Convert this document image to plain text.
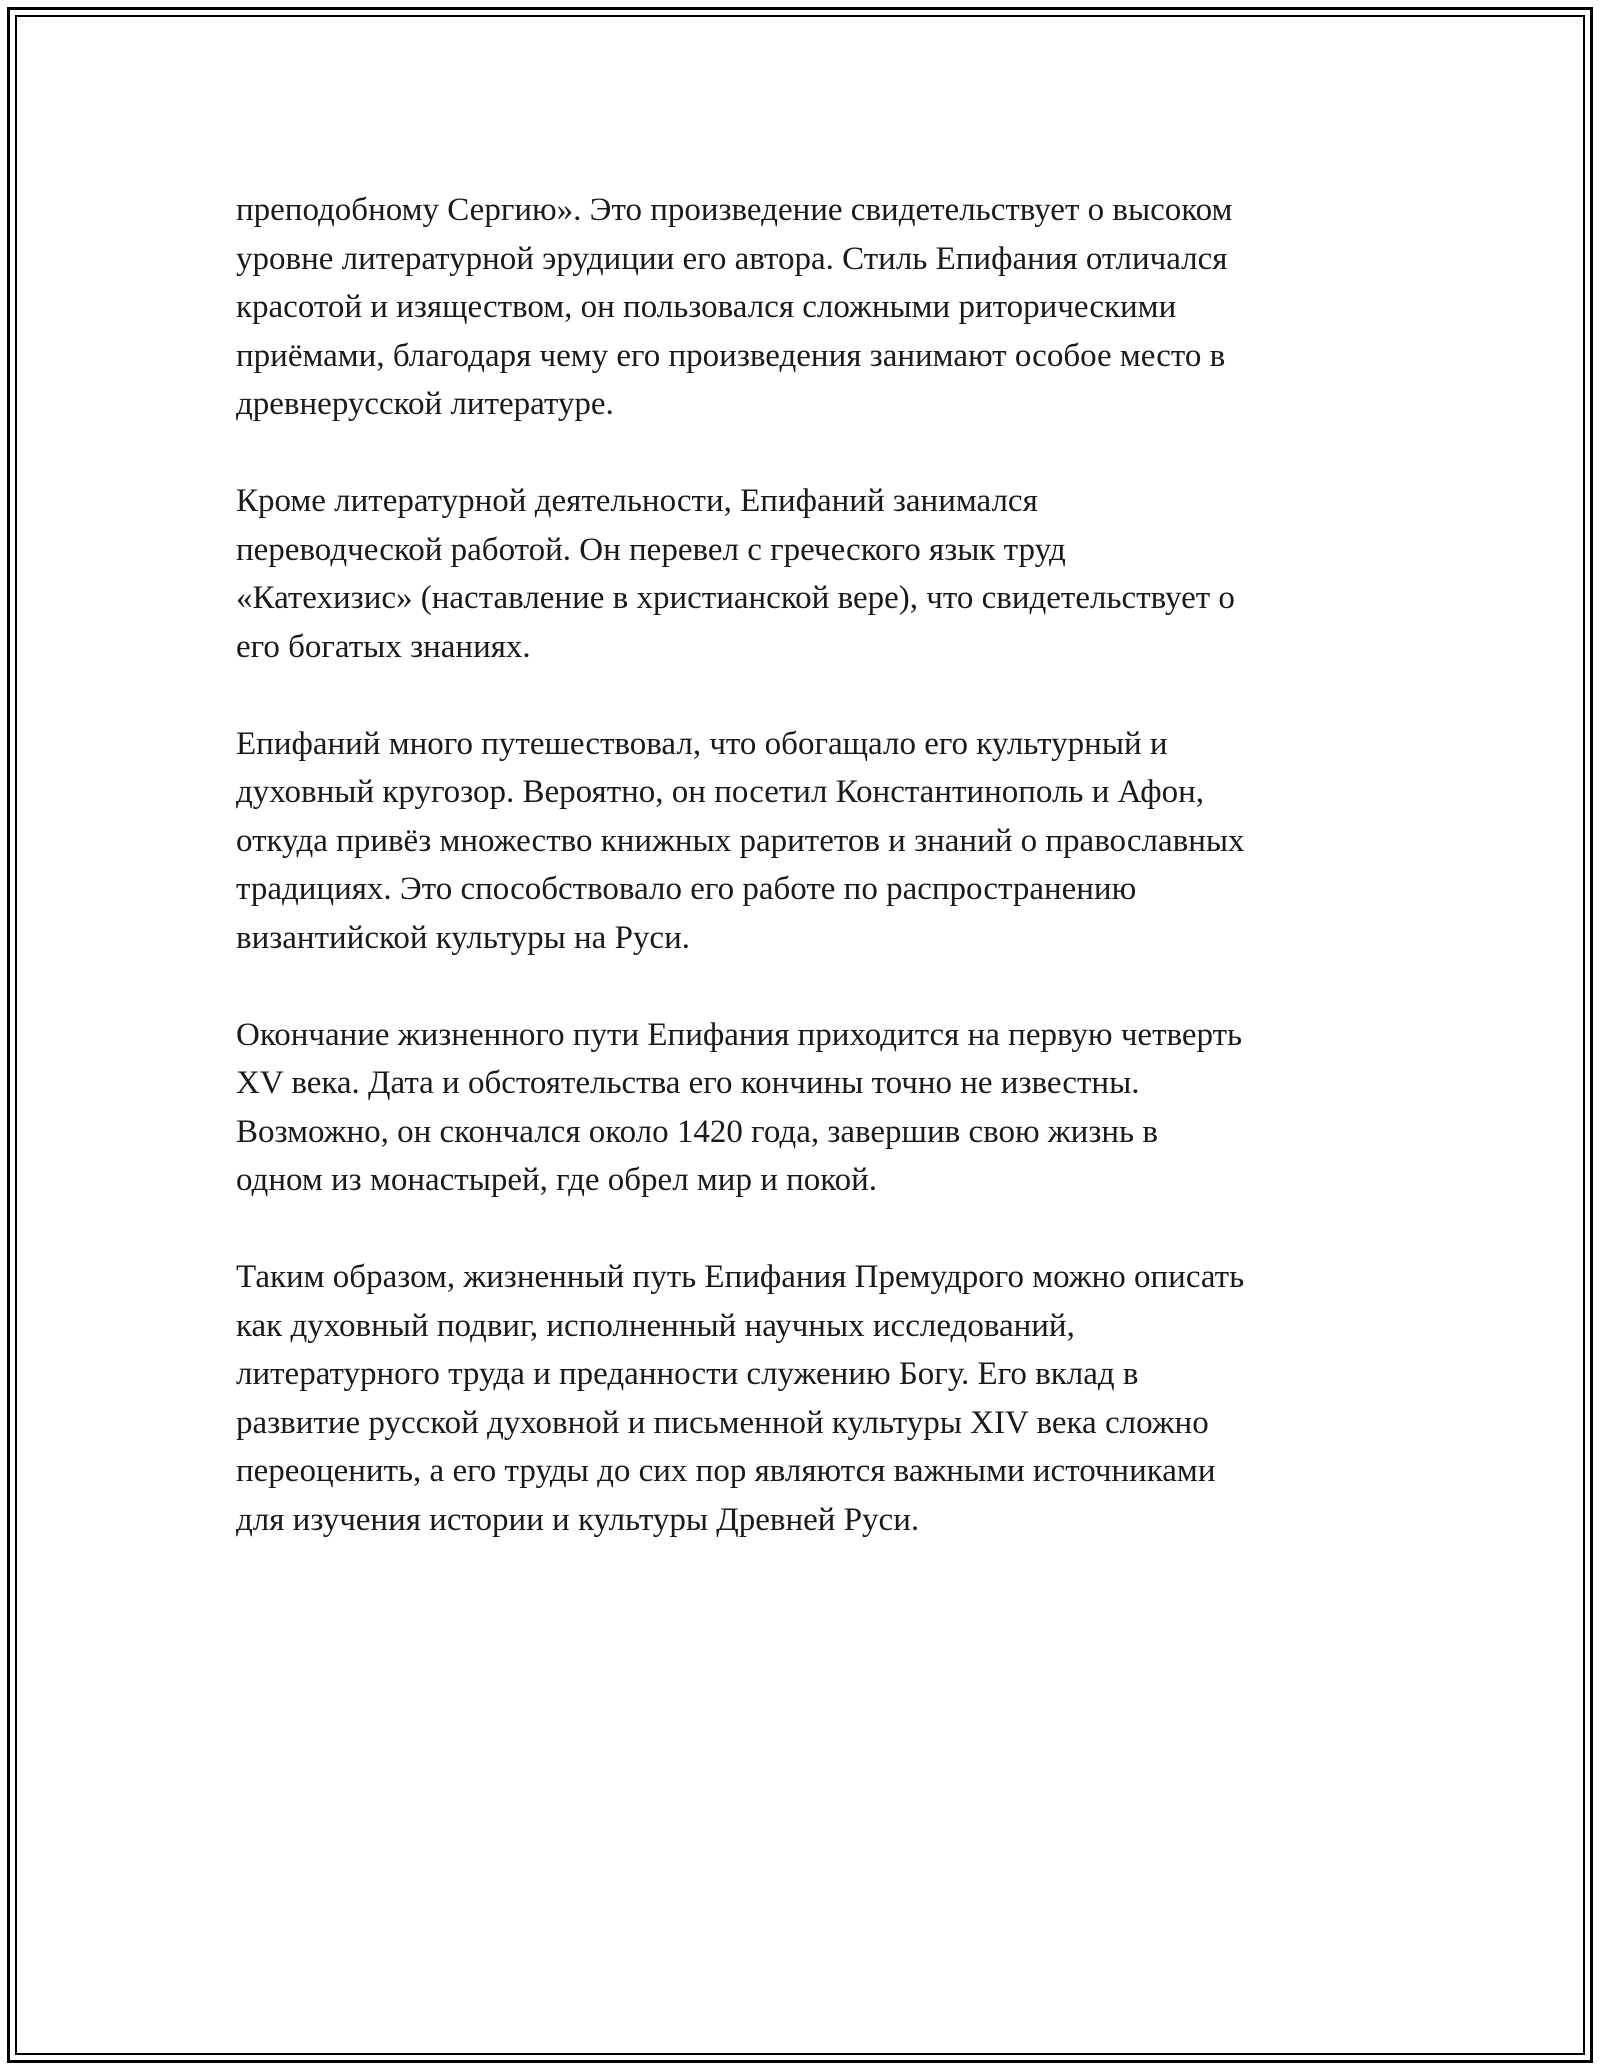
преподобному Сергию». Это произведение свидетельствует о высоком
уровне литературной эрудиции его автора. Стиль Епифания отличался
красотой и изяществом, он пользовался сложными риторическими
приёмами, благодаря чему его произведения занимают особое место в
древнерусской литературе.
Кроме литературной деятельности, Епифаний занимался
переводческой работой. Он перевел с греческого язык труд
«Катехизис» (наставление в христианской вере), что свидетельствует о
его богатых знаниях.
Епифаний много путешествовал, что обогащало его культурный и
духовный кругозор. Вероятно, он посетил Константинополь и Афон,
откуда привёз множество книжных раритетов и знаний о православных
традициях. Это способствовало его работе по распространению
византийской культуры на Руси.
Окончание жизненного пути Епифания приходится на первую четверть
XV века. Дата и обстоятельства его кончины точно не известны.
Возможно, он скончался около 1420 года, завершив свою жизнь в
одном из монастырей, где обрел мир и покой.
Таким образом, жизненный путь Епифания Премудрого можно описать
как духовный подвиг, исполненный научных исследований,
литературного труда и преданности служению Богу. Его вклад в
развитие русской духовной и письменной культуры XIV века сложно
переоценить, а его труды до сих пор являются важными источниками
для изучения истории и культуры Древней Руси.
